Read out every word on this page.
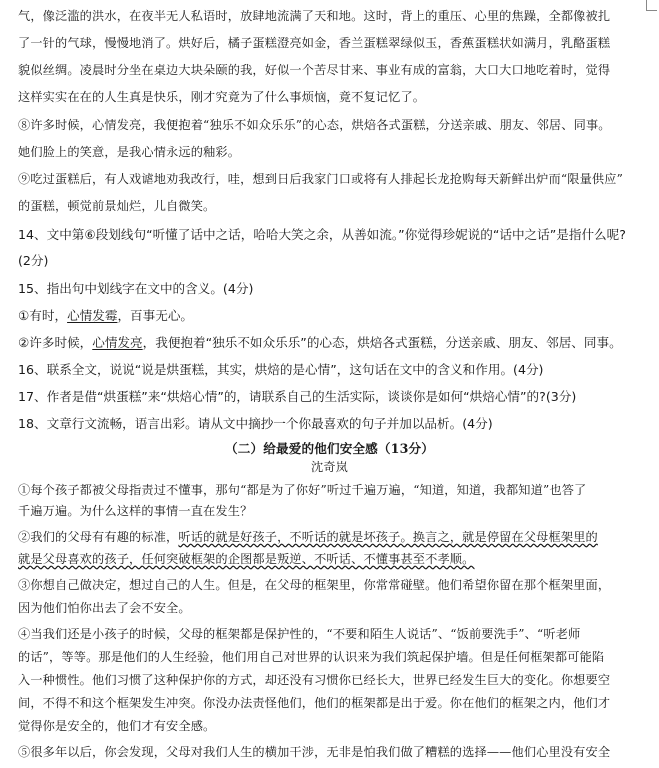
气，像泛滥的洪水，在夜半无人私语时，放肆地流满了天和地。这时，背上的重压、心里的焦躁，全都像被扎
了一针的气球，慢慢地消了。烘好后，橘子蛋糕澄亮如金，香兰蛋糕翠绿似玉，香蕉蛋糕状如满月，乳酪蛋糕
貌似丝绸。凌晨时分坐在桌边大块朵颐的我，好似一个苦尽甘来、事业有成的富翁，大口大口地吃着时，觉得
这样实实在在的人生真是快乐，刚才究竟为了什么事烦恼，竟不复记忆了。
⑧许多时候，心情发亮，我便抱着“独乐不如众乐乐”的心态，烘焙各式蛋糕，分送亲戚、朋友、邻居、同事。
她们脸上的笑意，是我心情永远的釉彩。
⑨吃过蛋糕后，有人戏谑地劝我改行，哇，想到日后我家门口或将有人排起长龙抢购每天新鲜出炉而“限量供应”
的蛋糕，顿觉前景灿烂，儿自微笑。
14、文中第⑥段划线句“听懂了话中之话，哈哈大笑之余，从善如流。”你觉得珍妮说的“话中之话”是指什么呢?
(2分)
15、指出句中划线字在文中的含义。(4分)
①有时，心情发霉，百事无心。
②许多时候，心情发亮，我便抱着“独乐不如众乐乐”的心态，烘焙各式蛋糕，分送亲戚、朋友、邻居、同事。
16、联系全文，说说“说是烘蛋糕，其实，烘焙的是心情”，这句话在文中的含义和作用。(4分)
17、作者是借“烘蛋糕”来“烘焙心情”的，请联系自己的生活实际，谈谈你是如何“烘焙心情”的?(3分)
18、文章行文流畅，语言出彩。请从文中摘抄一个你最喜欢的句子并加以品析。(4分)
（二）给最爱的他们安全感（13分）
沈奇岚
①每个孩子都被父母指责过不懂事，那句“都是为了你好”听过千遍万遍，“知道，知道，我都知道”也答了
千遍万遍。为什么这样的事情一直在发生？
②我们的父母有有趣的标准，听话的就是好孩子，不听话的就是坏孩子。换言之，就是停留在父母框架里的
就是父母喜欢的孩子，任何突破框架的企图都是叛逆、不听话、不懂事甚至不孝顺。
③你想自己做决定，想过自己的人生。但是，在父母的框架里，你常常碰壁。他们希望你留在那个框架里面，
因为他们怕你出去了会不安全。
④当我们还是小孩子的时候，父母的框架都是保护性的，“不要和陌生人说话”、“饭前要洗手”、“听老师
的话”，等等。那是他们的人生经验，他们用自己对世界的认识来为我们筑起保护墙。但是任何框架都可能陷
入一种惯性。他们习惯了这种保护你的方式，却还没有习惯你已经长大，世界已经发生巨大的变化。你想要空
间，不得不和这个框架发生冲突。你没办法责怪他们，他们的框架都是出于爱。你在他们的框架之内，他们才
觉得你是安全的，他们才有安全感。
⑤很多年以后，你会发现，父母对我们人生的横加干涉，无非是怕我们做了糟糕的选择——他们心里没有安全
